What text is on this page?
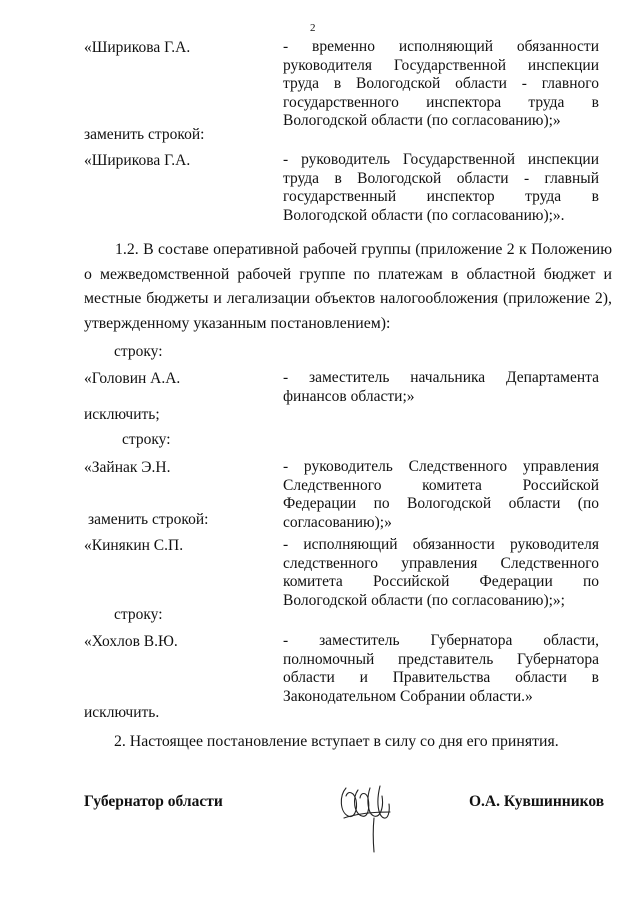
2
«Ширикова Г.А.	- временно исполняющий обязанности руководителя Государственной инспекции труда в Вологодской области - главного государственного инспектора труда в Вологодской области (по согласованию);»
заменить строкой:
«Ширикова Г.А.	- руководитель Государственной инспекции труда в Вологодской области - главный государственный инспектор труда в Вологодской области (по согласованию);».
1.2. В составе оперативной рабочей группы (приложение 2 к Положению о межведомственной рабочей группе по платежам в областной бюджет и местные бюджеты и легализации объектов налогообложения (приложение 2), утвержденному указанным постановлением):
строку:
«Головин А.А.	- заместитель начальника Департамента финансов области;»
исключить;
строку:
«Зайнак Э.Н.	- руководитель Следственного управления Следственного комитета Российской Федерации по Вологодской области (по согласованию);»
заменить строкой:
«Кинякин С.П.	- исполняющий обязанности руководителя следственного управления Следственного комитета Российской Федерации по Вологодской области (по согласованию);»;
строку:
«Хохлов В.Ю.	- заместитель Губернатора области, полномочный представитель Губернатора области и Правительства области в Законодательном Собрании области.»
исключить.
2. Настоящее постановление вступает в силу со дня его принятия.
Губернатор области	О.А. Кувшинников
